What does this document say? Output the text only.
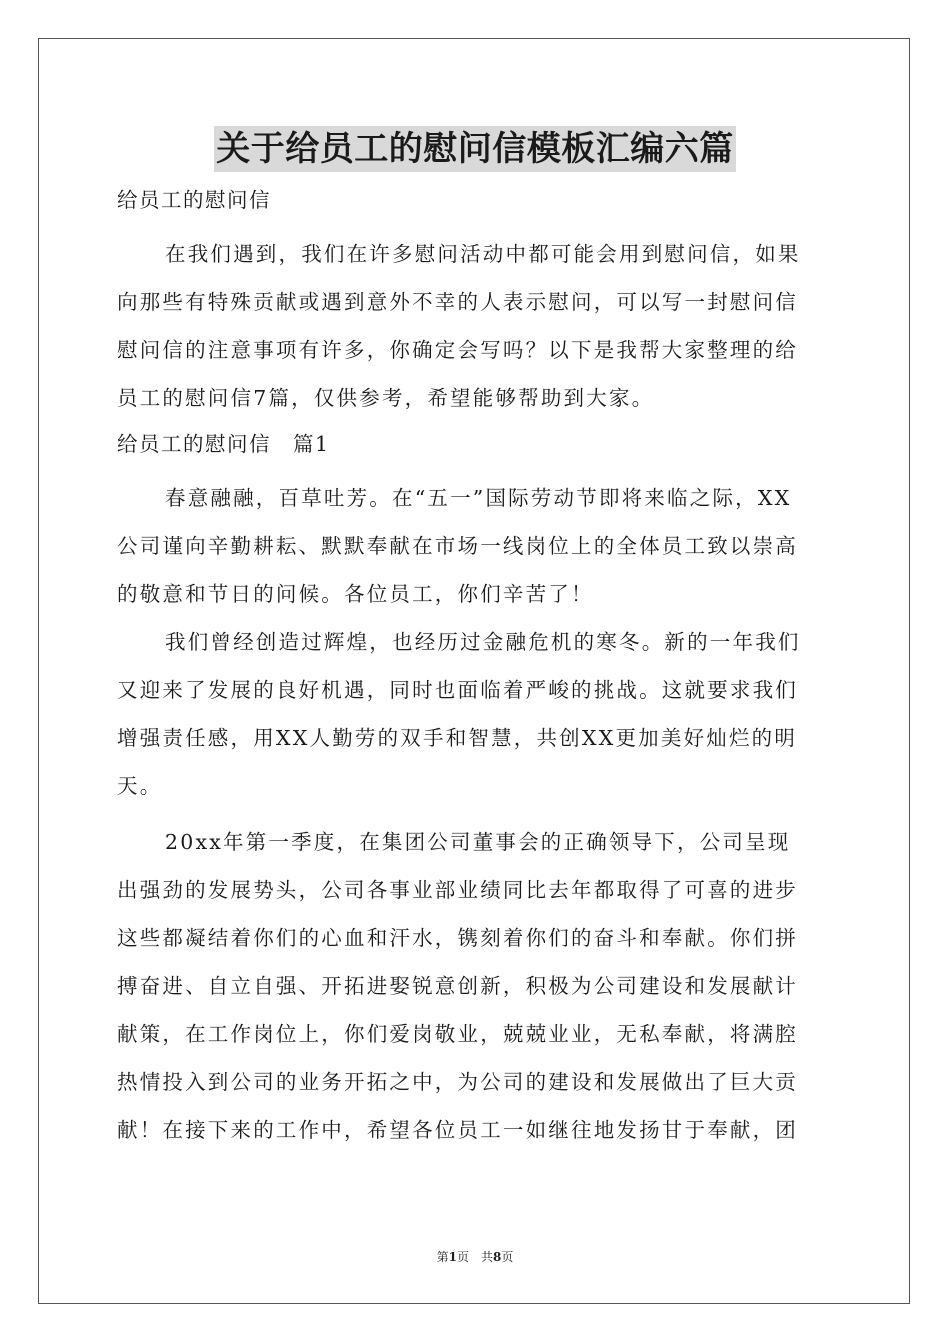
关于给员工的慰问信模板汇编六篇
给员工的慰问信
在我们遇到，我们在许多慰问活动中都可能会用到慰问信，如果
向那些有特殊贡献或遇到意外不幸的人表示慰问，可以写一封慰问信
慰问信的注意事项有许多，你确定会写吗？以下是我帮大家整理的给
员工的慰问信7篇，仅供参考，希望能够帮助到大家。
给员工的慰问信　篇1
春意融融，百草吐芳。在“五一”国际劳动节即将来临之际，XX
公司谨向辛勤耕耘、默默奉献在市场一线岗位上的全体员工致以崇高
的敬意和节日的问候。各位员工，你们辛苦了！
我们曾经创造过辉煌，也经历过金融危机的寒冬。新的一年我们
又迎来了发展的良好机遇，同时也面临着严峻的挑战。这就要求我们
增强责任感，用XX人勤劳的双手和智慧，共创XX更加美好灿烂的明
天。
20xx年第一季度，在集团公司董事会的正确领导下，公司呈现
出强劲的发展势头，公司各事业部业绩同比去年都取得了可喜的进步
这些都凝结着你们的心血和汗水，镌刻着你们的奋斗和奉献。你们拼
搏奋进、自立自强、开拓进娶锐意创新，积极为公司建设和发展献计
献策，在工作岗位上，你们爱岗敬业，兢兢业业，无私奉献，将满腔
热情投入到公司的业务开拓之中，为公司的建设和发展做出了巨大贡
献！在接下来的工作中，希望各位员工一如继往地发扬甘于奉献，团
第1页　共8页
